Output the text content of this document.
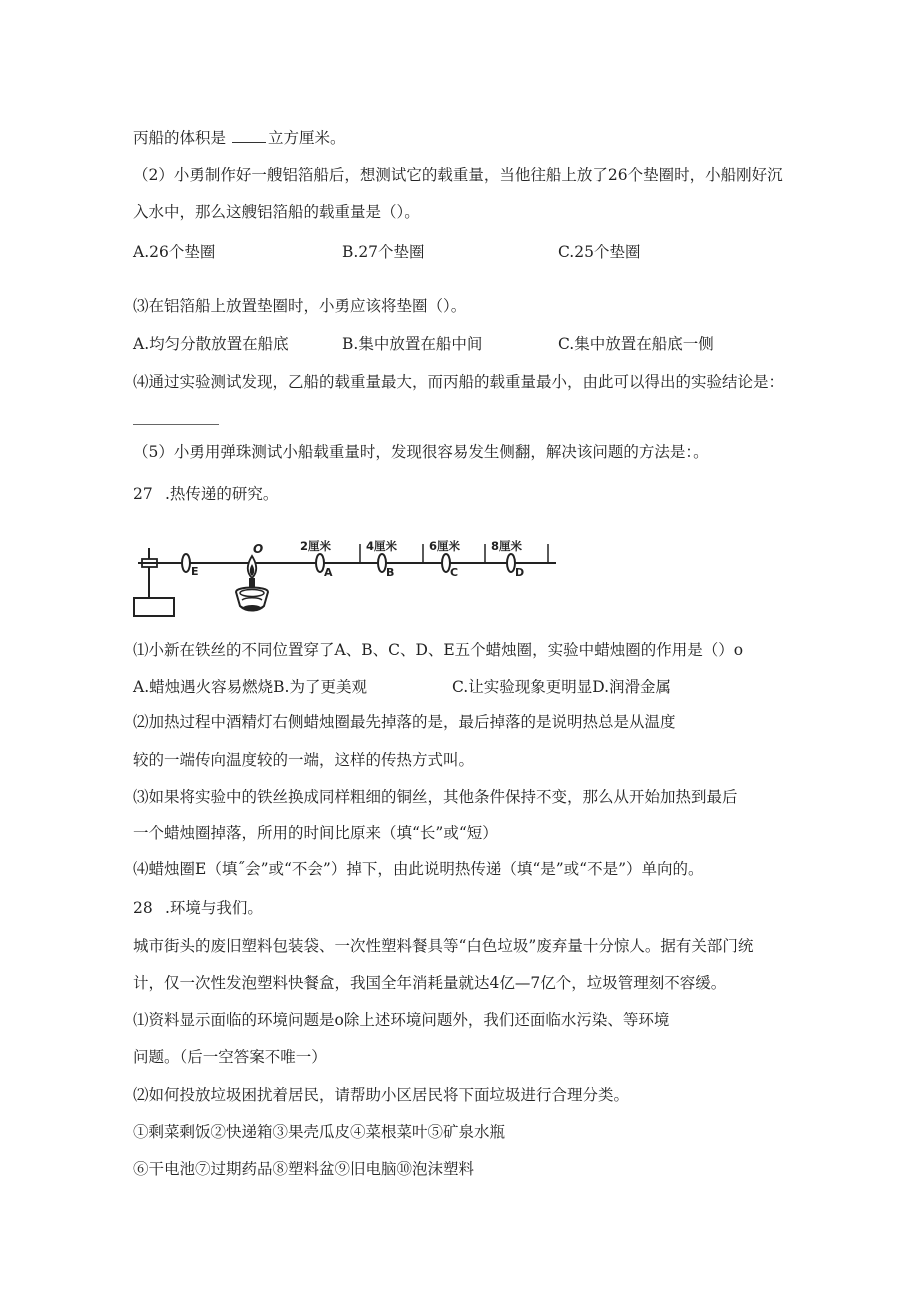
丙船的体积是	立方厘米。
（2）小勇制作好一艘铝箔船后，想测试它的载重量，当他往船上放了26个垫圈时，小船刚好沉
入水中，那么这艘铝箔船的载重量是（）。
A.26个垫圈	B.27个垫圈	C.25个垫圈
⑶在铝箔船上放置垫圈时，小勇应该将垫圈（）。
A.均匀分散放置在船底	B.集中放置在船中间	C.集中放置在船底一侧
⑷通过实验测试发现，乙船的载重量最大，而丙船的载重量最小，由此可以得出的实验结论是：
（5）小勇用弹珠测试小船载重量时，发现很容易发生侧翻，解决该问题的方法是：。
27 .热传递的研究。
2厘米	4厘米	6厘米	8厘米
E	A	B	C	D
O
⑴小新在铁丝的不同位置穿了A、B、C、D、E五个蜡烛圈，实验中蜡烛圈的作用是（）o
A.蜡烛遇火容易燃烧B.为了更美观	C.让实验现象更明显D.润滑金属
⑵加热过程中酒精灯右侧蜡烛圈最先掉落的是，最后掉落的是说明热总是从温度
较的一端传向温度较的一端，这样的传热方式叫。
⑶如果将实验中的铁丝换成同样粗细的铜丝，其他条件保持不变，那么从开始加热到最后
一个蜡烛圈掉落，所用的时间比原来（填“长”或“短）
⑷蜡烛圈E（填˝会”或“不会”）掉下，由此说明热传递（填“是”或“不是”）单向的。
28 .环境与我们。
城市街头的废旧塑料包装袋、一次性塑料餐具等“白色垃圾”废弃量十分惊人。据有关部门统
计，仅一次性发泡塑料快餐盒，我国全年消耗量就达4亿—7亿个，垃圾管理刻不容缓。
⑴资料显示面临的环境问题是o除上述环境问题外，我们还面临水污染、等环境
问题。（后一空答案不唯一）
⑵如何投放垃圾困扰着居民，请帮助小区居民将下面垃圾进行合理分类。
①剩菜剩饭②快递箱③果壳瓜皮④菜根菜叶⑤矿泉水瓶
⑥干电池⑦过期药品⑧塑料盆⑨旧电脑⑩泡沫塑料
